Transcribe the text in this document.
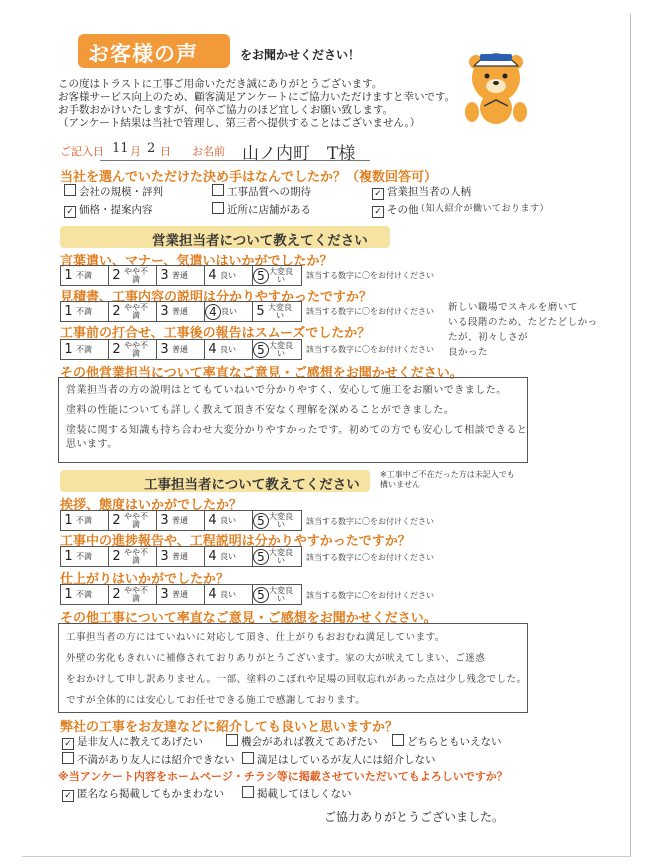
お客様の声	をお聞かせください！
この度はトラストに工事ご用命いただき誠にありがとうございます。
お客様サービス向上のため、顧客満足アンケートにご協力いただけますと幸いです。
お手数おかけいたしますが、何卒ご協力のほど宜しくお願い致します。
（アンケート結果は当社で管理し、第三者へ提供することはございません。）
ご記入日 11 月 2 日 お名前 山ノ内町　T様
当社を選んでいただけた決め手はなんでしたか？（複数回答可）
会社の規模・評判	工事品質への期待	✓ 営業担当者の人柄
✓ 価格・提案内容	近所に店舗がある	✓ その他
（知人紹介が働いております）
営業担当者について教えてください
言葉遣い、マナー、気遣いはいかがでしたか？
1 不満 2 やや不満	3 普通 4 良い	5 大変良い	該当する数字に〇をお付けください
見積書、工事内容の説明は分かりやすかったですか？
1 不満 2 やや不満	3 普通	4 良い 5 大変良い	該当する数字に〇をお付けください
工事前の打合せ、工事後の報告はスムーズでしたか？
1 不満 2 やや不満	3 普通 4 良い	5 大変良い	該当する数字に〇をお付けください
新しい職場でスキルを磨いて
いる段階のため、たどたどしかったが、初々しさが
良かった
その他営業担当について率直なご意見・ご感想をお聞かせください。
営業担当者の方の説明はとてもていねいで分かりやすく、安心して施工をお願いできました。
塗料の性能についても詳しく教えて頂き不安なく理解を深めることができました。
塗装に関する知識も持ち合わせ大変分かりやすかったです。初めての方でも安心して相談できると
思います。
工事担当者について教えてください
※工事中ご不在だった方は未記入でも構いません
挨拶、態度はいかがでしたか？
1 不満 2 やや不満	3 普通 4 良い	5 大変良い	該当する数字に〇をお付けください
工事中の進捗報告や、工程説明は分かりやすかったですか？
1 不満 2 やや不満	3 普通 4 良い	5 大変良い	該当する数字に〇をお付けください
仕上がりはいかがでしたか？
1 不満 2 やや不満	3 普通 4 良い	5 大変良い	該当する数字に〇をお付けください
その他工事について率直なご意見・ご感想をお聞かせください。
工事担当者の方にはていねいに対応して頂き、仕上がりもおおむね満足しています。
外壁の劣化もきれいに補修されておりありがとうございます。家の大が吠えてしまい、ご迷惑
をおかけして申し訳ありません。一部、塗料のこぼれや足場の回収忘れがあった点は少し残念でした。
ですが全体的には安心してお任せできる施工で感謝しております。
弊社の工事をお友達などに紹介しても良いと思いますか？
✓ 是非友人に教えてあげたい	機会があれば教えてあげたい	どちらともいえない
不満があり友人には紹介できない	満足はしているが友人には紹介しない
※当アンケート内容をホームページ・チラシ等に掲載させていただいてもよろしいですか？
✓ 匿名なら掲載してもかまわない	掲載してほしくない
ご協力ありがとうございました。
